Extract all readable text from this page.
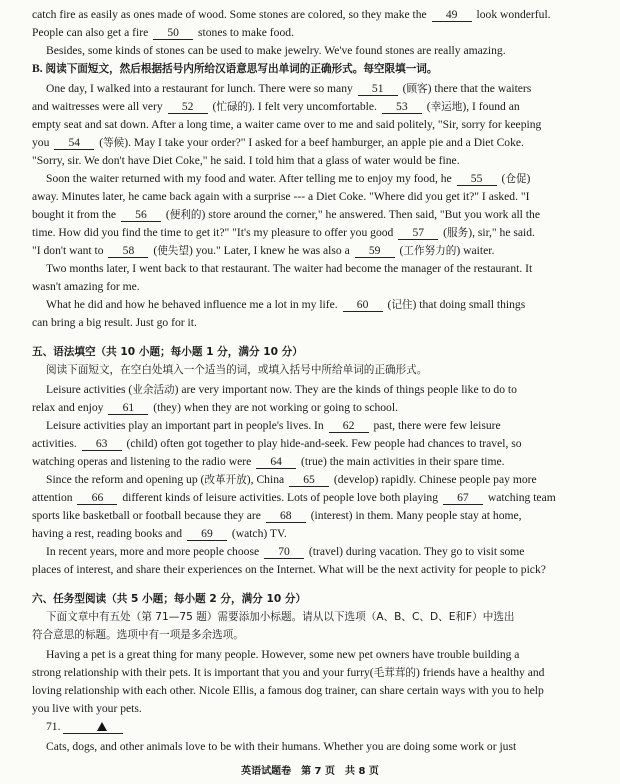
catch fire as easily as ones made of wood. Some stones are colored, so they make the 49 look wonderful.
People can also get a fire 50 stones to make food.
Besides, some kinds of stones can be used to make jewelry. We've found stones are really amazing.
B. 阅读下面短文，然后根据括号内所给汉语意思写出单词的正确形式。每空限填一词。
One day, I walked into a restaurant for lunch. There were so many 51 (顾客) there that the waiters
and waitresses were all very 52 (忙碌的). I felt very uncomfortable. 53 (幸运地), I found an
empty seat and sat down. After a long time, a waiter came over to me and said politely, "Sir, sorry for keeping
you 54 (等候). May I take your order?" I asked for a beef hamburger, an apple pie and a Diet Coke.
"Sorry, sir. We don't have Diet Coke," he said. I told him that a glass of water would be fine.
Soon the waiter returned with my food and water. After telling me to enjoy my food, he 55 (仓促)
away. Minutes later, he came back again with a surprise --- a Diet Coke. "Where did you get it?" I asked. "I
bought it from the 56 (便利的) store around the corner," he answered. Then said, "But you work all the
time. How did you find the time to get it?" "It's my pleasure to offer you good 57 (服务), sir," he said.
"I don't want to 58 (使失望) you." Later, I knew he was also a 59 (工作努力的) waiter.
Two months later, I went back to that restaurant. The waiter had become the manager of the restaurant. It
wasn't amazing for me.
What he did and how he behaved influence me a lot in my life. 60 (记住) that doing small things
can bring a big result. Just go for it.
五、语法填空（共 10 小题；每小题 1 分，满分 10 分）
阅读下面短文，在空白处填入一个适当的词，或填入括号中所给单词的正确形式。
Leisure activities (业余活动) are very important now. They are the kinds of things people like to do to
relax and enjoy 61 (they) when they are not working or going to school.
Leisure activities play an important part in people's lives. In 62 past, there were few leisure
activities. 63 (child) often got together to play hide-and-seek. Few people had chances to travel, so
watching operas and listening to the radio were 64 (true) the main activities in their spare time.
Since the reform and opening up (改革开放), China 65 (develop) rapidly. Chinese people pay more
attention 66 different kinds of leisure activities. Lots of people love both playing 67 watching team
sports like basketball or football because they are 68 (interest) in them. Many people stay at home,
having a rest, reading books and 69 (watch) TV.
In recent years, more and more people choose 70 (travel) during vacation. They go to visit some
places of interest, and share their experiences on the Internet. What will be the next activity for people to pick?
六、任务型阅读（共 5 小题；每小题 2 分，满分 10 分）
下面文章中有五处（第 71—75 题）需要添加小标题。请从以下选项（A、B、C、D、E和F）中选出
符合意思的标题。选项中有一项是多余选项。
Having a pet is a great thing for many people. However, some new pet owners have trouble building a
strong relationship with their pets. It is important that you and your furry(毛茸茸的) friends have a healthy and
loving relationship with each other. Nicole Ellis, a famous dog trainer, can share certain ways with you to help
you live with your pets.
71.
Cats, dogs, and other animals love to be with their humans. Whether you are doing some work or just
英语试题卷　第 7 页　共 8 页
